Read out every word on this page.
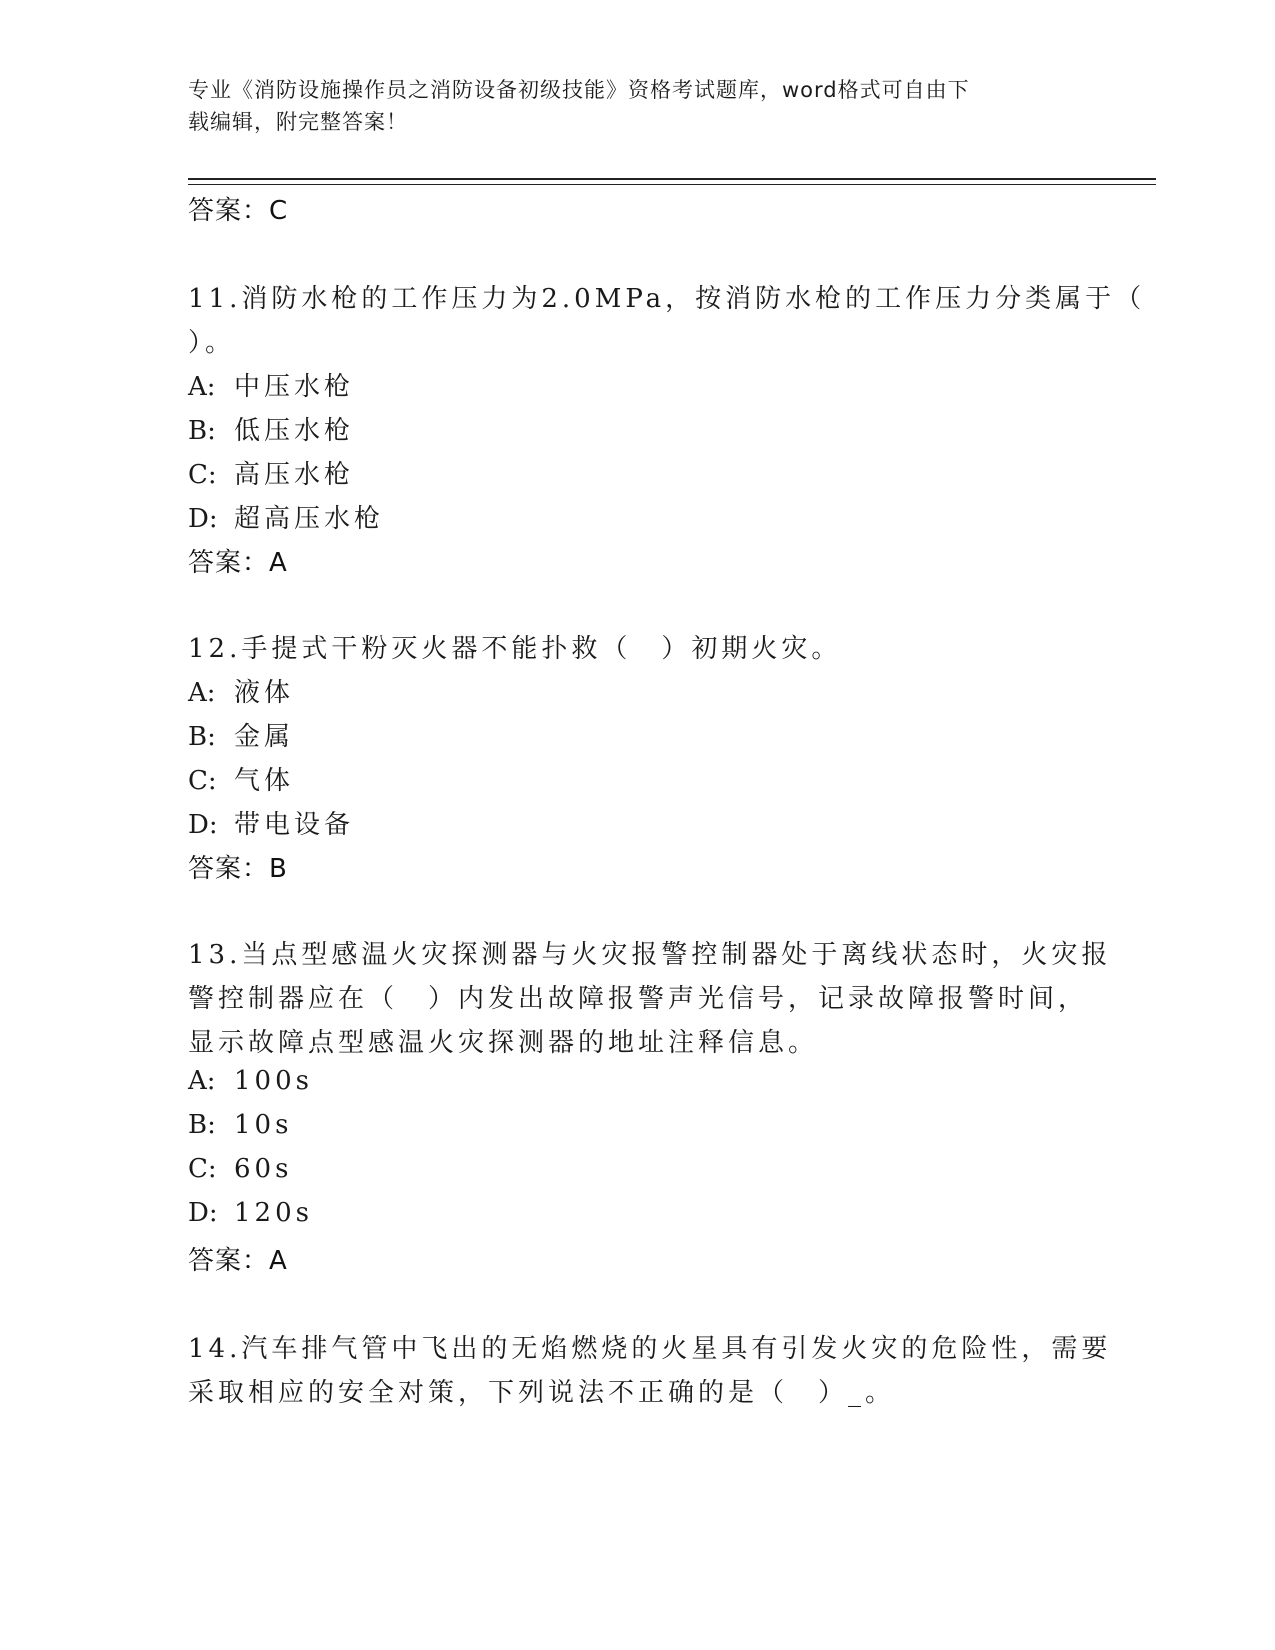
专业《消防设施操作员之消防设备初级技能》资格考试题库，word格式可自由下
载编辑，附完整答案！
答案：C
11.消防水枪的工作压力为2.0MPa，按消防水枪的工作压力分类属于（
）。
A: 中压水枪
B: 低压水枪
C: 高压水枪
D: 超高压水枪
答案：A
12.手提式干粉灭火器不能扑救（　）初期火灾。
A: 液体
B: 金属
C: 气体
D: 带电设备
答案：B
13.当点型感温火灾探测器与火灾报警控制器处于离线状态时，火灾报
警控制器应在（　）内发出故障报警声光信号，记录故障报警时间，
显示故障点型感温火灾探测器的地址注释信息。
A: 100s
B: 10s
C: 60s
D: 120s
答案：A
14.汽车排气管中飞出的无焰燃烧的火星具有引发火灾的危险性，需要
采取相应的安全对策，下列说法不正确的是（　）_。
